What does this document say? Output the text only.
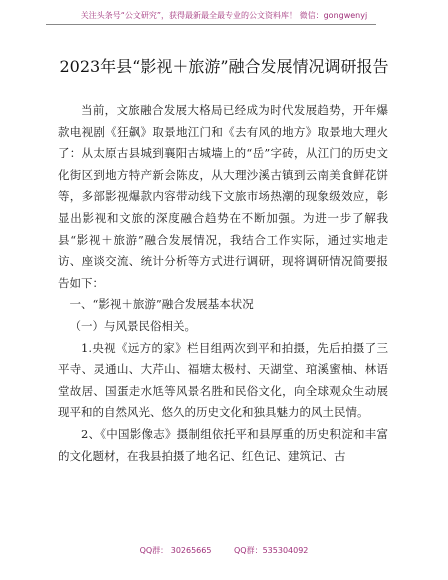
关注头条号“公文研究”，获得最新最全最专业的公文资料库！ 微信：gongwenyj
2023年县“影视＋旅游”融合发展情况调研报告

当前，文旅融合发展大格局已经成为时代发展趋势，开年爆款电视剧《狂飙》取景地江门和《去有风的地方》取景地大理火了：从太原古县城到襄阳古城墙上的“岳”字砖，从江门的历史文化街区到地方特产新会陈皮，从大理沙溪古镇到云南美食鲜花饼等，多部影视爆款内容带动线下文旅市场热潮的现象级效应，彰显出影视和文旅的深度融合趋势在不断加强。为进一步了解我县“影视＋旅游”融合发展情况，我结合工作实际，通过实地走访、座谈交流、统计分析等方式进行调研，现将调研情况简要报告如下：

一、“影视＋旅游”融合发展基本状况

（一）与风景民俗相关。

1.央视《远方的家》栏目组两次到平和拍摄，先后拍摄了三平寺、灵通山、大芹山、福塘太极村、天湖堂、琯溪蜜柚、林语堂故居、国蛋走水尪等风景名胜和民俗文化，向全球观众生动展现平和的自然风光、悠久的历史文化和独具魅力的风土民情。

2、《中国影像志》摄制组依托平和县厚重的历史积淀和丰富的文化题材，在我县拍摄了地名记、红色记、建筑记、古

QQ群： 30265665	QQ群：535304092
